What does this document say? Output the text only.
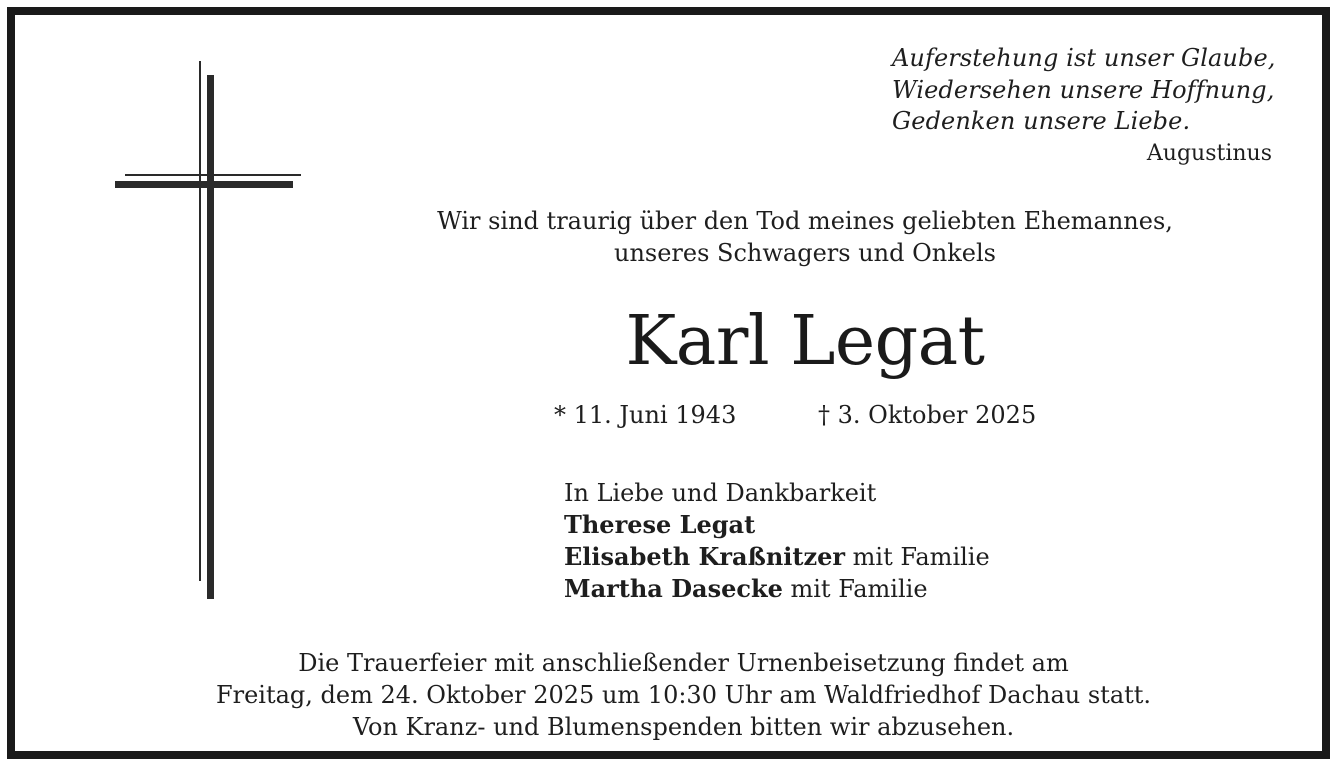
Auferstehung ist unser Glaube,
Wiedersehen unsere Hoffnung,
Gedenken unsere Liebe.
Augustinus
Wir sind traurig über den Tod meines geliebten Ehemannes,
unseres Schwagers und Onkels
Karl Legat
* 11. Juni 1943	† 3. Oktober 2025
In Liebe und Dankbarkeit
Therese Legat
Elisabeth Kraßnitzer mit Familie
Martha Dasecke mit Familie
Die Trauerfeier mit anschließender Urnenbeisetzung findet am
Freitag, dem 24. Oktober 2025 um 10:30 Uhr am Waldfriedhof Dachau statt.
Von Kranz- und Blumenspenden bitten wir abzusehen.
